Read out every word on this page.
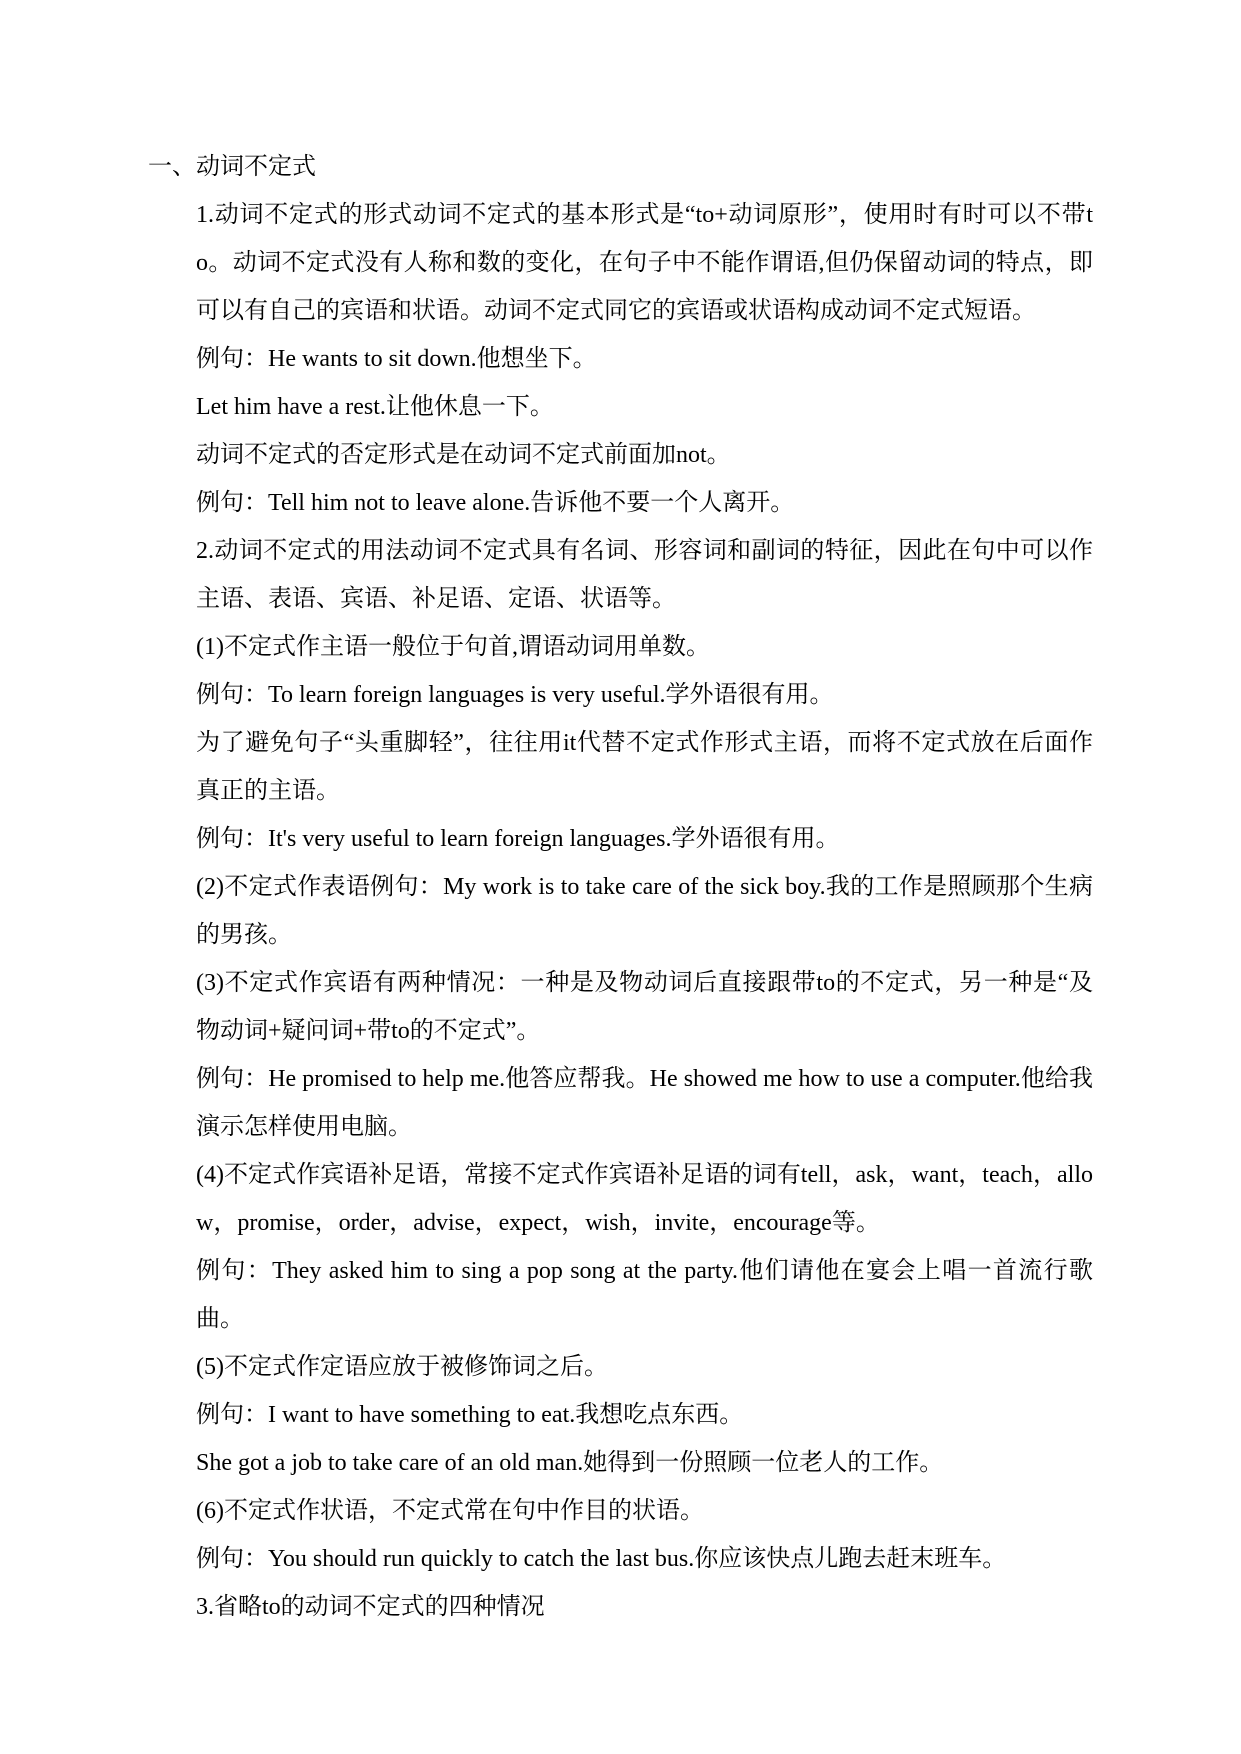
一、动词不定式

1.动词不定式的形式动词不定式的基本形式是“to+动词原形”，使用时有时可以不带to。动词不定式没有人称和数的变化，在句子中不能作谓语,但仍保留动词的特点，即可以有自己的宾语和状语。动词不定式同它的宾语或状语构成动词不定式短语。

例句：He wants to sit down.他想坐下。

Let him have a rest.让他休息一下。

动词不定式的否定形式是在动词不定式前面加not。

例句：Tell him not to leave alone.告诉他不要一个人离开。

2.动词不定式的用法动词不定式具有名词、形容词和副词的特征，因此在句中可以作主语、表语、宾语、补足语、定语、状语等。

(1)不定式作主语一般位于句首,谓语动词用单数。

例句：To learn foreign languages is very useful.学外语很有用。

为了避免句子“头重脚轻”，往往用it代替不定式作形式主语，而将不定式放在后面作真正的主语。

例句：It's very useful to learn foreign languages.学外语很有用。

(2)不定式作表语例句：My work is to take care of the sick boy.我的工作是照顾那个生病的男孩。

(3)不定式作宾语有两种情况：一种是及物动词后直接跟带to的不定式，另一种是“及物动词+疑问词+带to的不定式”。

例句：He promised to help me.他答应帮我。He showed me how to use a computer.他给我演示怎样使用电脑。

(4)不定式作宾语补足语，常接不定式作宾语补足语的词有tell，ask，want，teach，allow，promise，order，advise，expect，wish，invite，encourage等。

例句：They asked him to sing a pop song at the party.他们请他在宴会上唱一首流行歌曲。

(5)不定式作定语应放于被修饰词之后。

例句：I want to have something to eat.我想吃点东西。

She got a job to take care of an old man.她得到一份照顾一位老人的工作。

(6)不定式作状语，不定式常在句中作目的状语。

例句：You should run quickly to catch the last bus.你应该快点儿跑去赶末班车。

3.省略to的动词不定式的四种情况
